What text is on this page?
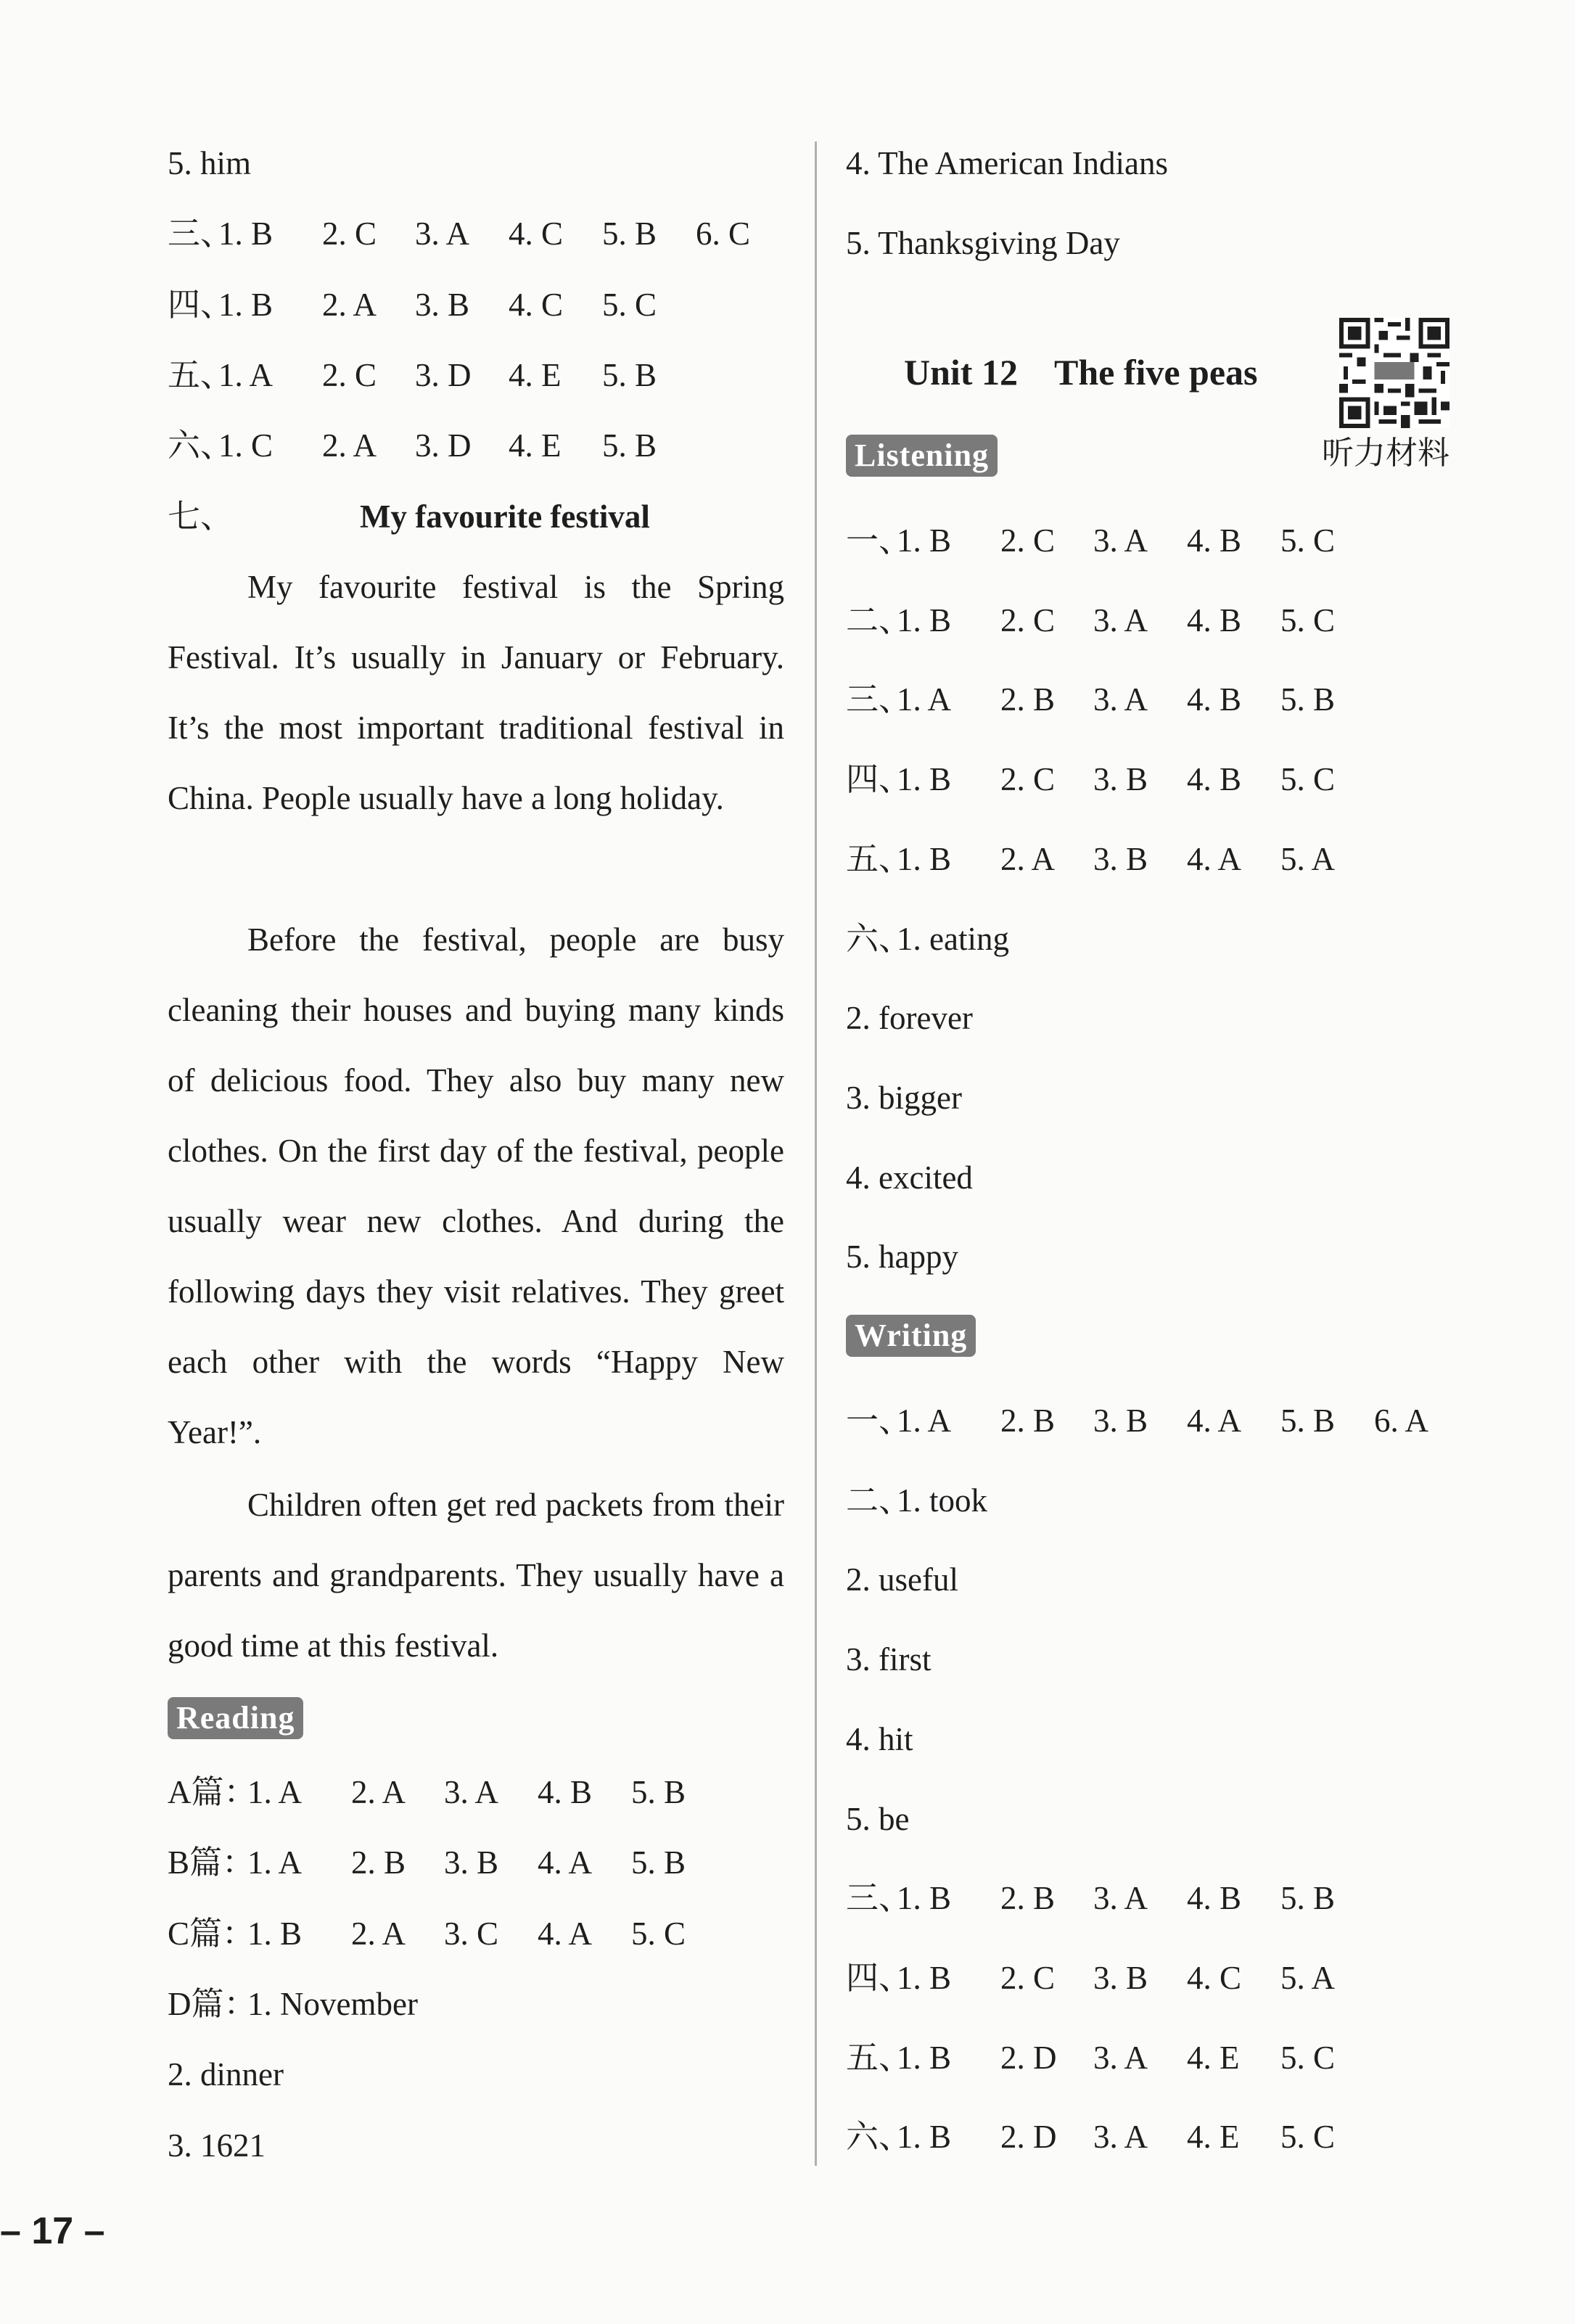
5. him
三、
1. B 2. C 3. A 4. C 5. B 6. C
四、
1. B 2. A 3. B 4. C 5. C
五、
1. A 2. C 3. D 4. E 5. B
六、
1. C 2. A 3. D 4. E 5. B
七、	My favourite festival
My favourite festival is the Spring Festival. It’s usually in January or February. It’s the most important traditional festival in China. People usually have a long holiday.
Before the festival, people are busy cleaning their houses and buying many kinds of delicious food. They also buy many new clothes. On the first day of the festival, people usually wear new clothes. And during the following days they visit relatives. They greet each other with the words “Happy New Year!”.
Children often get red packets from their parents and grandparents. They usually have a good time at this festival.
Reading
A篇：
1. A 2. A 3. A 4. B 5. B
B篇：
1. A 2. B 3. B 4. A 5. B
C篇：
1. B 2. A 3. C 4. A 5. C
D篇：
1. November
2. dinner
3. 1621
4. The American Indians
5. Thanksgiving Day
Unit 12 The five peas
Listening
一、
1. B 2. C 3. A 4. B 5. C
二、
1. B 2. C 3. A 4. B 5. C
三、
1. A 2. B 3. A 4. B 5. B
四、
1. B 2. C 3. B 4. B 5. C
五、
1. B 2. A 3. B 4. A 5. A
六、
1. eating
2. forever
3. bigger
4. excited
5. happy
Writing
一、
1. A 2. B 3. B 4. A 5. B 6. A
二、
1. took
2. useful
3. first
4. hit
5. be
三、
1. B 2. B 3. A 4. B 5. B
四、
1. B 2. C 3. B 4. C 5. A
五、
1. B 2. D 3. A 4. E 5. C
六、
1. B 2. D 3. A 4. E 5. C
听力材料
– 17 –
